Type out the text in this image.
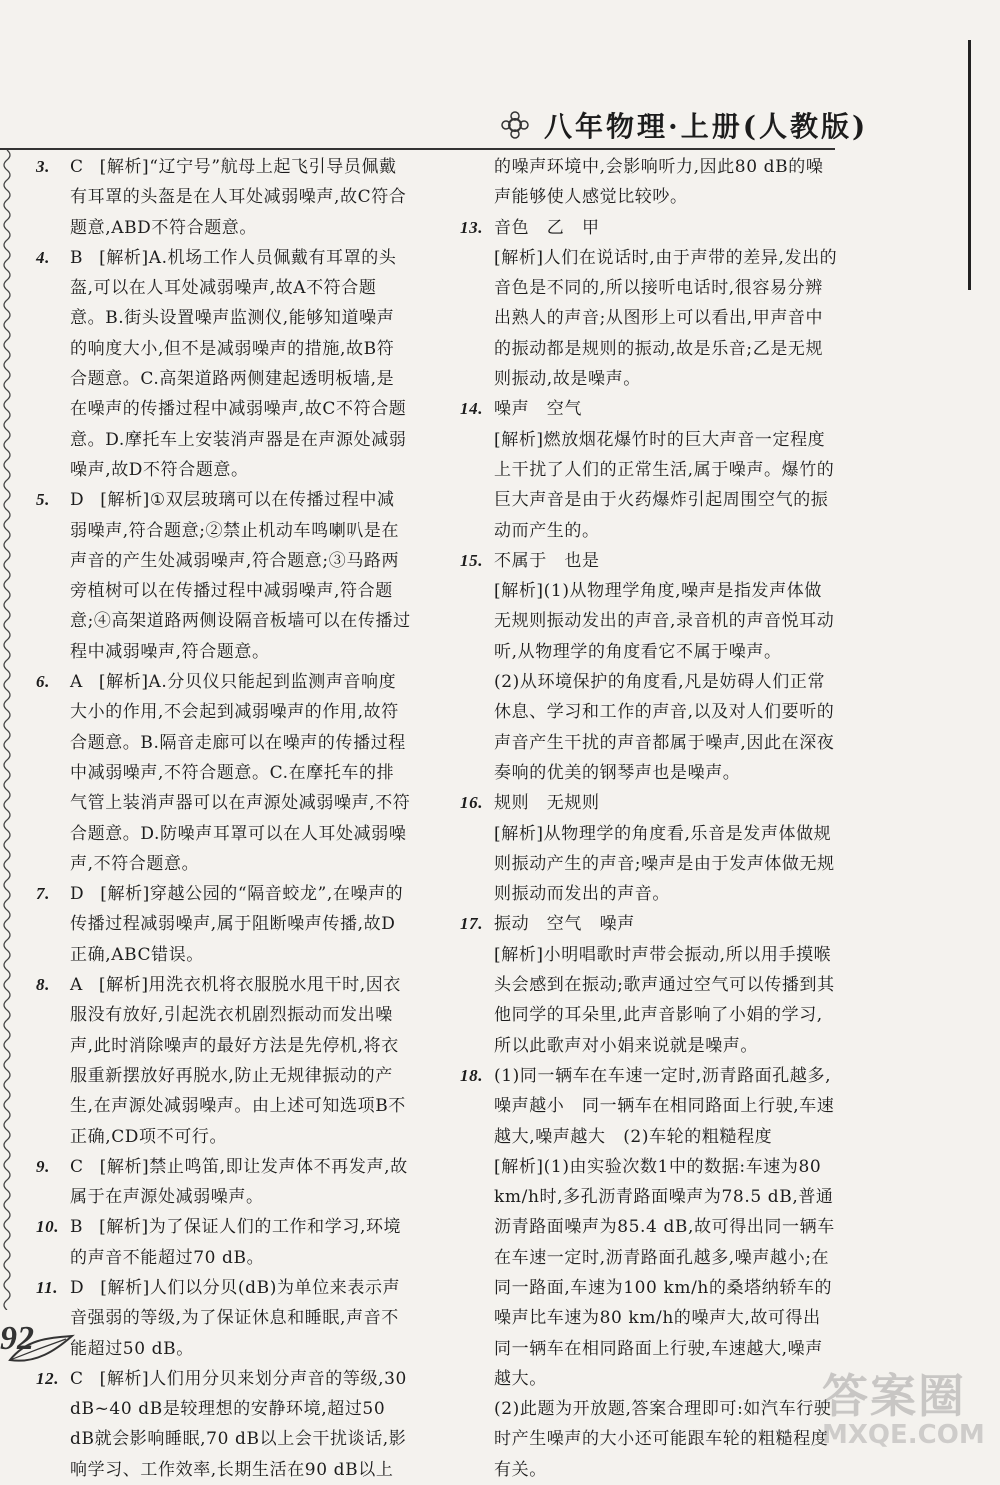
八年物理·上册(人教版)
3. C [解析]“辽宁号”航母上起飞引导员佩戴有耳罩的头盔是在人耳处减弱噪声,故C符合题意,ABD不符合题意。
4. B [解析]A.机场工作人员佩戴有耳罩的头盔,可以在人耳处减弱噪声,故A不符合题意。B.街头设置噪声监测仪,能够知道噪声的响度大小,但不是减弱噪声的措施,故B符合题意。C.高架道路两侧建起透明板墙,是在噪声的传播过程中减弱噪声,故C不符合题意。D.摩托车上安装消声器是在声源处减弱噪声,故D不符合题意。
5. D [解析]①双层玻璃可以在传播过程中减弱噪声,符合题意;②禁止机动车鸣喇叭是在声音的产生处减弱噪声,符合题意;③马路两旁植树可以在传播过程中减弱噪声,符合题意;④高架道路两侧设隔音板墙可以在传播过程中减弱噪声,符合题意。
6. A [解析]A.分贝仪只能起到监测声音响度大小的作用,不会起到减弱噪声的作用,故符合题意。B.隔音走廊可以在噪声的传播过程中减弱噪声,不符合题意。C.在摩托车的排气管上装消声器可以在声源处减弱噪声,不符合题意。D.防噪声耳罩可以在人耳处减弱噪声,不符合题意。
7. D [解析]穿越公园的“隔音蛟龙”,在噪声的传播过程减弱噪声,属于阻断噪声传播,故D正确,ABC错误。
8. A [解析]用洗衣机将衣服脱水甩干时,因衣服没有放好,引起洗衣机剧烈振动而发出噪声,此时消除噪声的最好方法是先停机,将衣服重新摆放好再脱水,防止无规律振动的产生,在声源处减弱噪声。由上述可知选项B不正确,CD项不可行。
9. C [解析]禁止鸣笛,即让发声体不再发声,故属于在声源处减弱噪声。
10. B [解析]为了保证人们的工作和学习,环境的声音不能超过70 dB。
11. D [解析]人们以分贝(dB)为单位来表示声音强弱的等级,为了保证休息和睡眠,声音不能超过50 dB。
12. C [解析]人们用分贝来划分声音的等级,30 dB~40 dB是较理想的安静环境,超过50 dB就会影响睡眠,70 dB以上会干扰谈话,影响学习、工作效率,长期生活在90 dB以上
的噪声环境中,会影响听力,因此80 dB的噪声能够使人感觉比较吵。
13. 音色　乙　甲
[解析]人们在说话时,由于声带的差异,发出的音色是不同的,所以接听电话时,很容易分辨出熟人的声音;从图形上可以看出,甲声音中的振动都是规则的振动,故是乐音;乙是无规则振动,故是噪声。
14. 噪声　空气
[解析]燃放烟花爆竹时的巨大声音一定程度上干扰了人们的正常生活,属于噪声。爆竹的巨大声音是由于火药爆炸引起周围空气的振动而产生的。
15. 不属于　也是
[解析](1)从物理学角度,噪声是指发声体做无规则振动发出的声音,录音机的声音悦耳动听,从物理学的角度看它不属于噪声。
(2)从环境保护的角度看,凡是妨碍人们正常休息、学习和工作的声音,以及对人们要听的声音产生干扰的声音都属于噪声,因此在深夜奏响的优美的钢琴声也是噪声。
16. 规则　无规则
[解析]从物理学的角度看,乐音是发声体做规则振动产生的声音;噪声是由于发声体做无规则振动而发出的声音。
17. 振动　空气　噪声
[解析]小明唱歌时声带会振动,所以用手摸喉头会感到在振动;歌声通过空气可以传播到其他同学的耳朵里,此声音影响了小娟的学习,所以此歌声对小娟来说就是噪声。
18. (1)同一辆车在车速一定时,沥青路面孔越多,噪声越小　同一辆车在相同路面上行驶,车速越大,噪声越大　(2)车轮的粗糙程度
[解析](1)由实验次数1中的数据:车速为80 km/h时,多孔沥青路面噪声为78.5 dB,普通沥青路面噪声为85.4 dB,故可得出同一辆车在车速一定时,沥青路面孔越多,噪声越小;在同一路面,车速为100 km/h的桑塔纳轿车的噪声比车速为80 km/h的噪声大,故可得出同一辆车在相同路面上行驶,车速越大,噪声越大。
(2)此题为开放题,答案合理即可:如汽车行驶时产生噪声的大小还可能跟车轮的粗糙程度有关。
92
答案圈
MXQE.COM
